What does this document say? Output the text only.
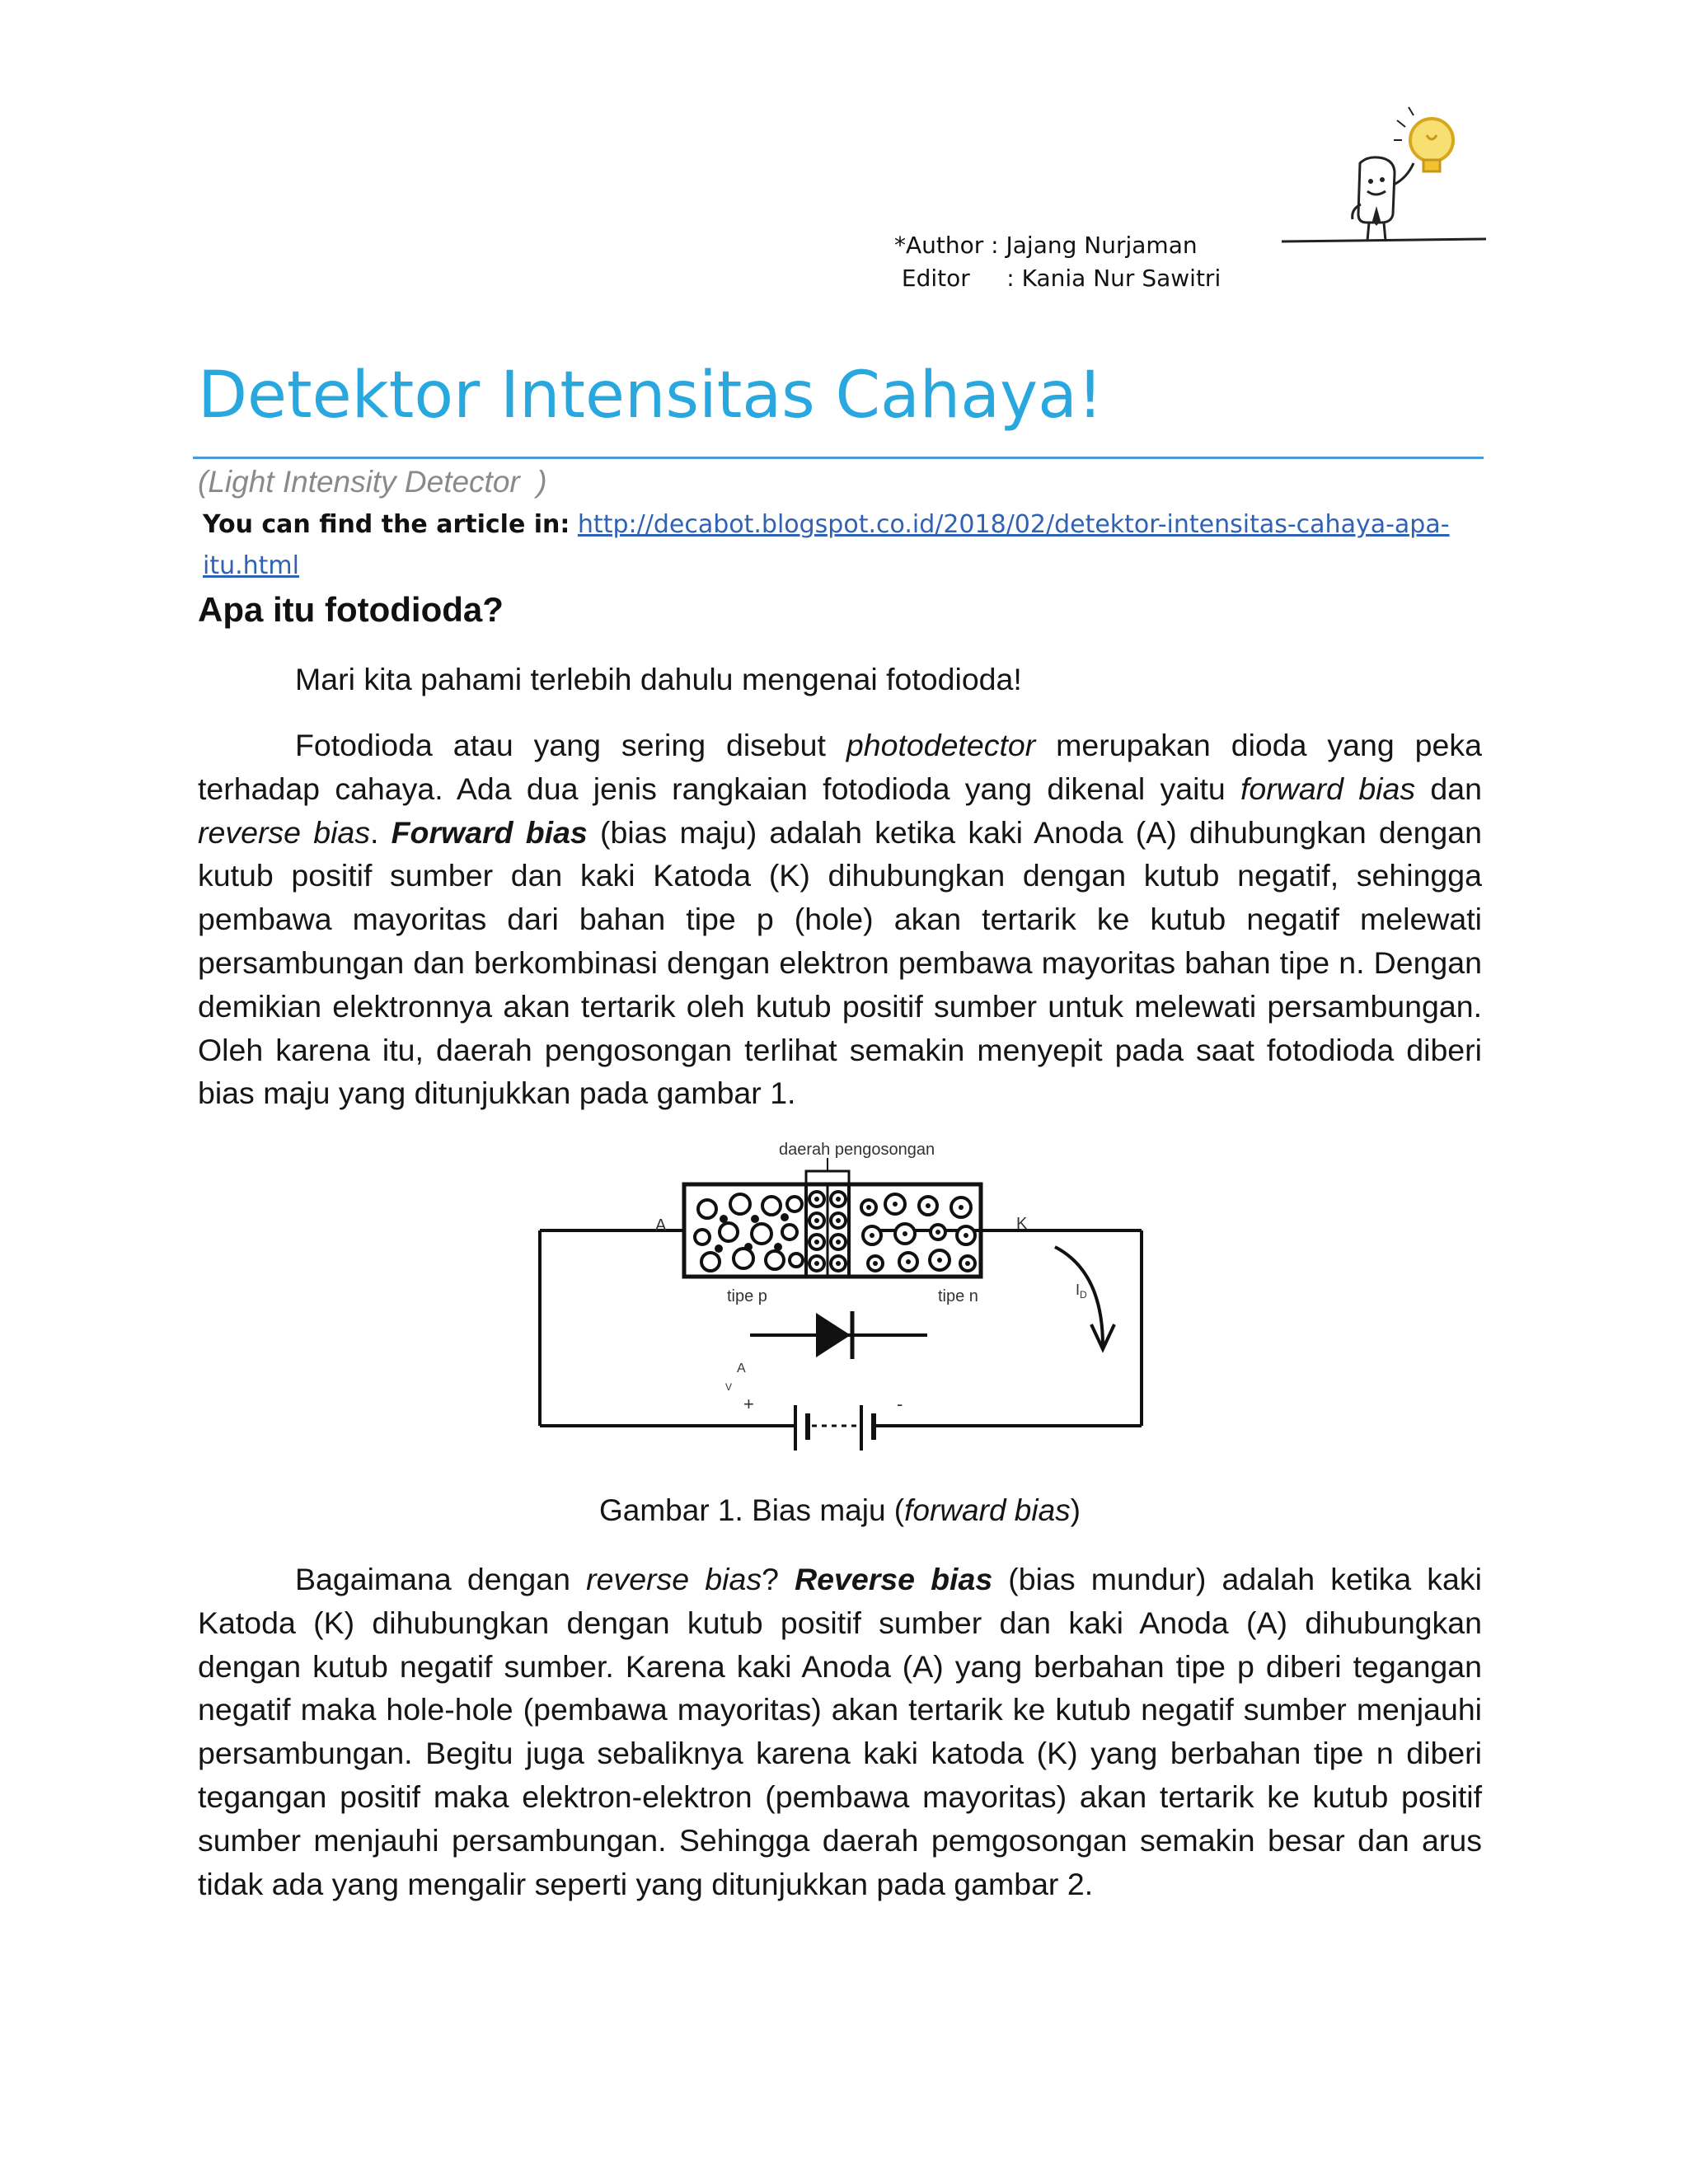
*Author : Jajang Nurjaman
Editor     : Kania Nur Sawitri
Detektor Intensitas Cahaya!
(Light Intensity Detector  )
You can find the article in: http://decabot.blogspot.co.id/2018/02/detektor-intensitas-cahaya-apa-itu.html
Apa itu fotodioda?
Mari kita pahami terlebih dahulu mengenai fotodioda!
Fotodioda atau yang sering disebut photodetector merupakan dioda yang peka terhadap cahaya. Ada dua jenis rangkaian fotodioda yang dikenal yaitu forward bias dan reverse bias. Forward bias (bias maju) adalah ketika kaki Anoda (A) dihubungkan dengan kutub positif sumber dan kaki Katoda (K) dihubungkan dengan kutub negatif, sehingga pembawa mayoritas dari bahan tipe p (hole) akan tertarik ke kutub negatif melewati persambungan dan berkombinasi dengan elektron pembawa mayoritas bahan tipe n. Dengan demikian elektronnya akan tertarik oleh kutub positif sumber untuk melewati persambungan. Oleh karena itu, daerah pengosongan terlihat semakin menyepit pada saat fotodioda diberi bias maju yang ditunjukkan pada gambar 1.
daerah pengosongan
A	K
tipe p	tipe n	$I_D$
A
V
+	-
Gambar 1. Bias maju (forward bias)
Bagaimana dengan reverse bias? Reverse bias (bias mundur) adalah ketika kaki Katoda (K) dihubungkan dengan kutub positif sumber dan kaki Anoda (A) dihubungkan dengan kutub negatif sumber. Karena kaki Anoda (A) yang berbahan tipe p diberi tegangan negatif maka hole-hole (pembawa mayoritas) akan tertarik ke kutub negatif sumber menjauhi persambungan. Begitu juga sebaliknya karena kaki katoda (K) yang berbahan tipe n diberi tegangan positif maka elektron-elektron (pembawa mayoritas) akan tertarik ke kutub positif sumber menjauhi persambungan. Sehingga daerah pemgosongan semakin besar dan arus tidak ada yang mengalir seperti yang ditunjukkan pada gambar 2.
